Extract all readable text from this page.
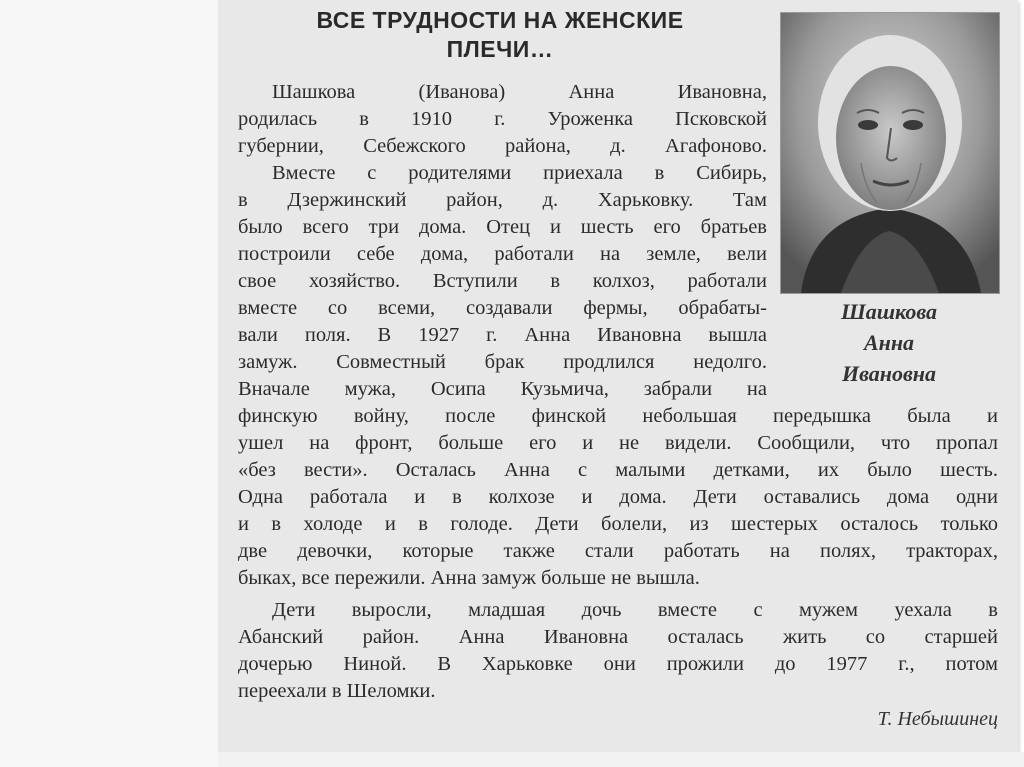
ВСЕ ТРУДНОСТИ НА ЖЕНСКИЕ
ПЛЕЧИ…
Шашкова
Анна
Ивановна
Шашкова (Иванова) Анна Ивановна,
родилась в 1910 г. Уроженка Псковской
губернии, Себежского района, д. Агафоново.
Вместе с родителями приехала в Сибирь,
в Дзержинский район, д. Харьковку. Там
было всего три дома. Отец и шесть его братьев
построили себе дома, работали на земле, вели
свое хозяйство. Вступили в колхоз, работали
вместе со всеми, создавали фермы, обрабаты-
вали поля. В 1927 г. Анна Ивановна вышла
замуж. Совместный брак продлился недолго.
Вначале мужа, Осипа Кузьмича, забрали на
финскую войну, после финской небольшая передышка была и
ушел на фронт, больше его и не видели. Сообщили, что пропал
«без вести». Осталась Анна с малыми детками, их было шесть.
Одна работала и в колхозе и дома. Дети оставались дома одни
и в холоде и в голоде. Дети болели, из шестерых осталось только
две девочки, которые также стали работать на полях, тракторах,
быках, все пережили. Анна замуж больше не вышла.
Дети выросли, младшая дочь вместе с мужем уехала в
Абанский район. Анна Ивановна осталась жить со старшей
дочерью Ниной. В Харьковке они прожили до 1977 г., потом
переехали в Шеломки.
Т. Небышинец
